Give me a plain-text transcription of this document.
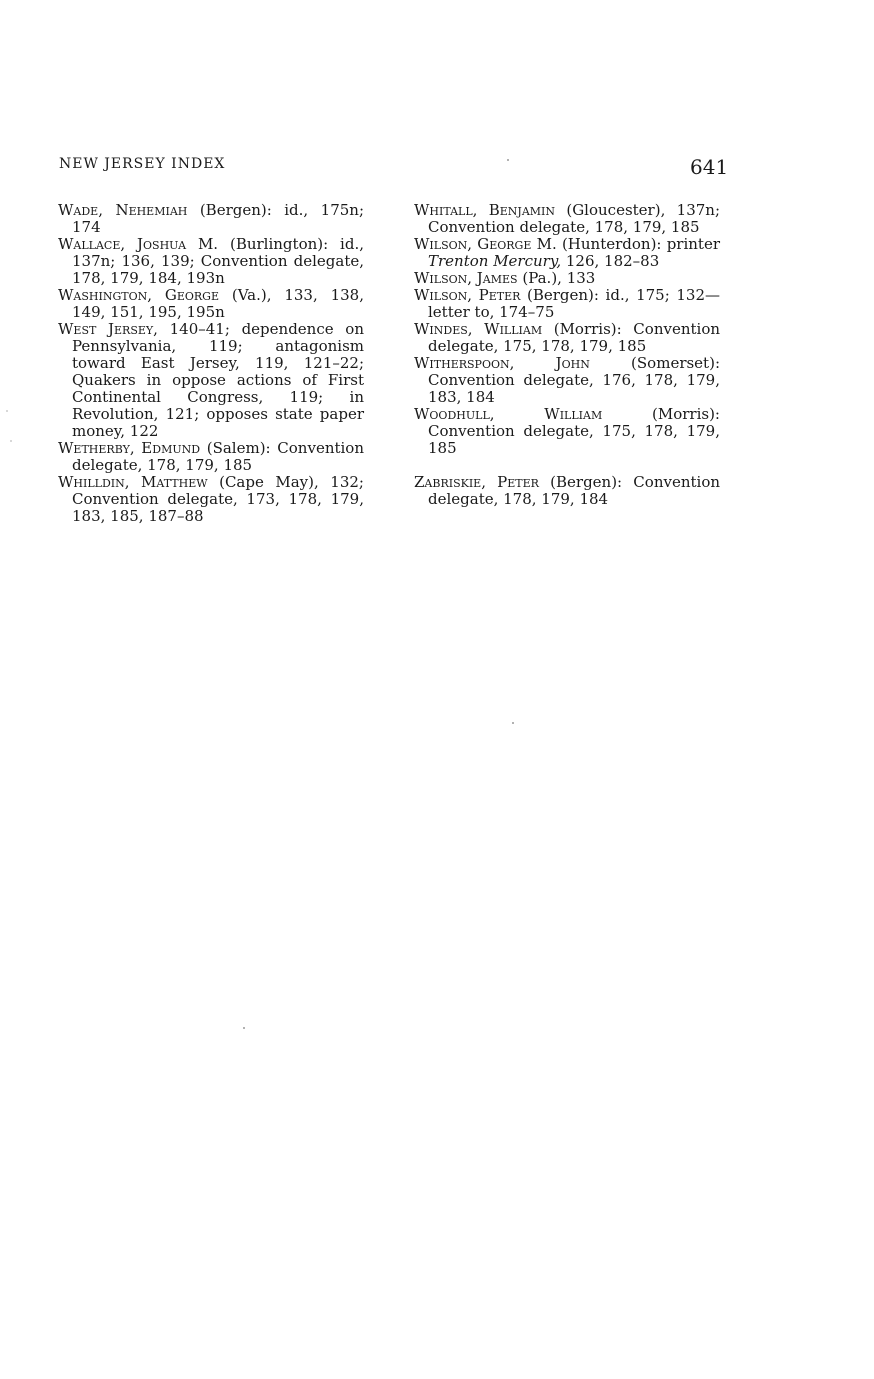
NEW JERSEY INDEX	641

Wade, Nehemiah (Bergen): id., 175n; 174

Wallace, Joshua M. (Burlington): id., 137n; 136, 139; Convention delegate, 178, 179, 184, 193n

Washington, George (Va.), 133, 138, 149, 151, 195, 195n

West Jersey, 140–41; dependence on Pennsylvania, 119; antagonism toward East Jersey, 119, 121–22; Quakers in oppose actions of First Continental Congress, 119; in Revolution, 121; opposes state paper money, 122

Wetherby, Edmund (Salem): Convention delegate, 178, 179, 185

Whilldin, Matthew (Cape May), 132; Convention delegate, 173, 178, 179, 183, 185, 187–88

Whitall, Benjamin (Gloucester), 137n; Convention delegate, 178, 179, 185

Wilson, George M. (Hunterdon): printer Trenton Mercury, 126, 182–83

Wilson, James (Pa.), 133

Wilson, Peter (Bergen): id., 175; 132—letter to, 174–75

Windes, William (Morris): Convention delegate, 175, 178, 179, 185

Witherspoon, John (Somerset): Convention delegate, 176, 178, 179, 183, 184

Woodhull, William (Morris): Convention delegate, 175, 178, 179, 185

Zabriskie, Peter (Bergen): Convention delegate, 178, 179, 184
